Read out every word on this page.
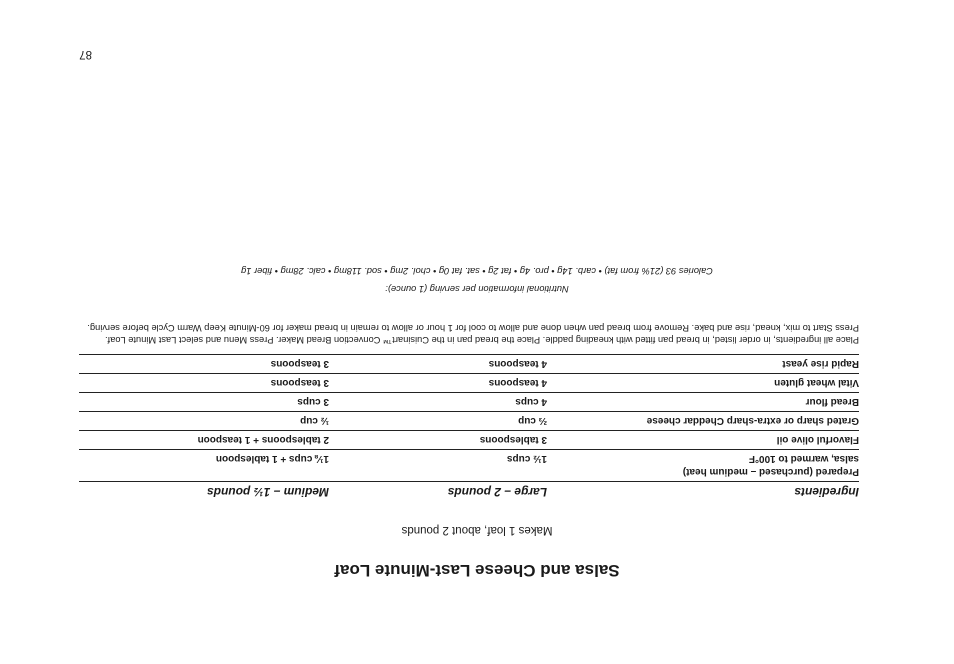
Salsa and Cheese Last-Minute Loaf
Makes 1 loaf, about 2 pounds
Ingredients	Large – 2 pounds	Medium – 1½ pounds
Prepared (purchased – medium heat) salsa, warmed to 100°F	1½ cups	1⅛ cups + 1 tablespoon
Flavorful olive oil	3 tablespoons	2 tablespoons + 1 teaspoon
Grated sharp or extra-sharp Cheddar cheese	⅔ cup	½ cup
Bread flour	4 cups	3 cups
Vital wheat gluten	4 teaspoons	3 teaspoons
Rapid rise yeast	4 teaspoons	3 teaspoons
Place all ingredients, in order listed, in bread pan fitted with kneading paddle. Place the bread pan in the Cuisinart™ Convection Bread Maker. Press Menu and select Last Minute Loaf. Press Start to mix, knead, rise and bake. Remove from bread pan when done and allow to cool for 1 hour or allow to remain in bread maker for 60-Minute Keep Warm Cycle before serving.
Nutritional information per serving (1 ounce):
Calories 93 (21% from fat) • carb. 14g • pro. 4g • fat 2g • sat. fat 0g • chol. 2mg • sod. 118mg • calc. 28mg • fiber 1g
87
